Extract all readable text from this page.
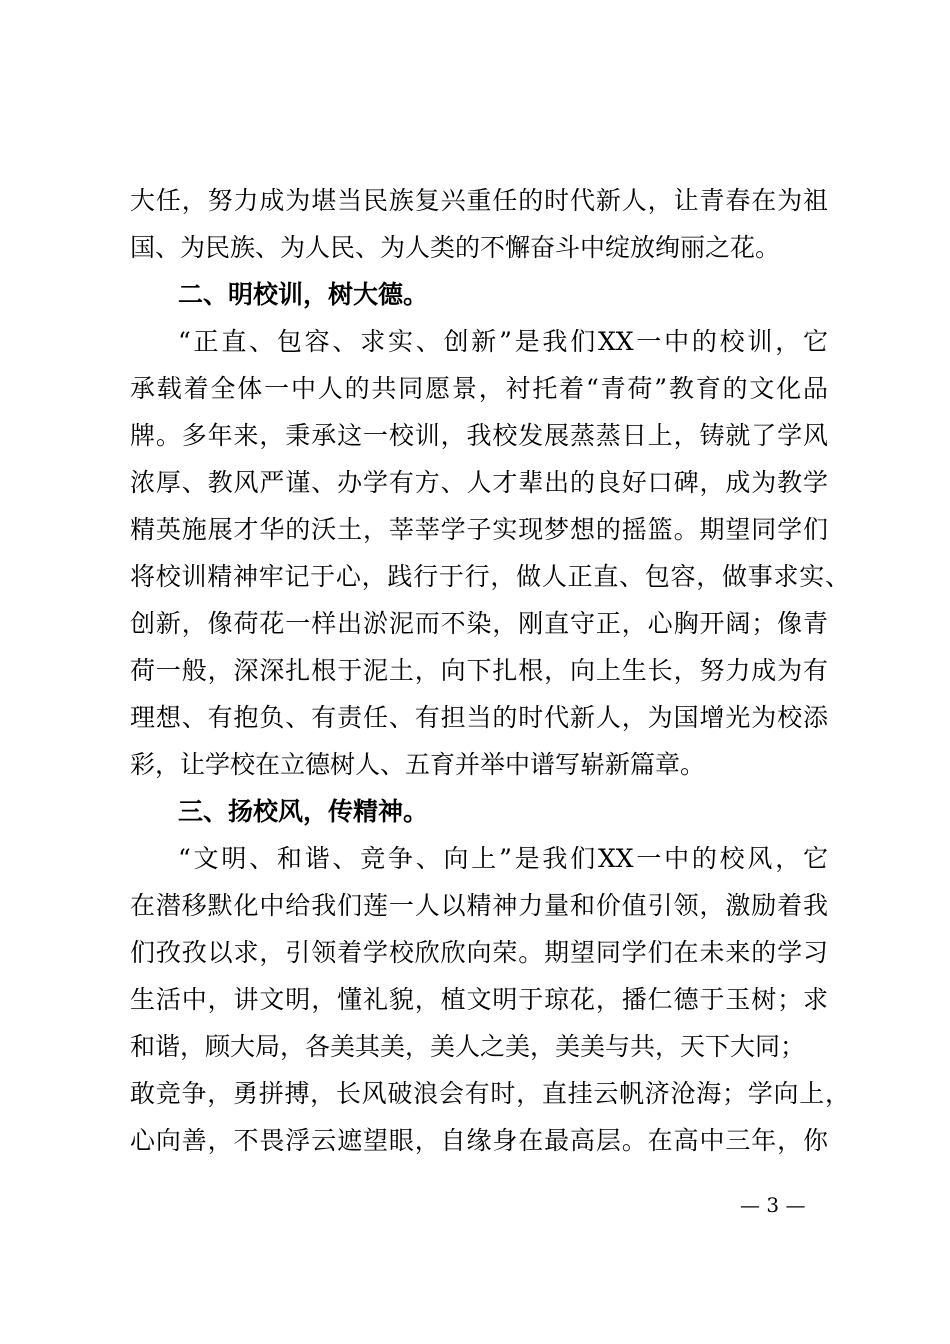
大任，努力成为堪当民族复兴重任的时代新人，让青春在为祖

国、为民族、为人民、为人类的不懈奋斗中绽放绚丽之花。

二、明校训，树大德。

“正直、包容、求实、创新”是我们XX一中的校训，它

承载着全体一中人的共同愿景，衬托着“青荷”教育的文化品

牌。多年来，秉承这一校训，我校发展蒸蒸日上，铸就了学风

浓厚、教风严谨、办学有方、人才辈出的良好口碑，成为教学

精英施展才华的沃土，莘莘学子实现梦想的摇篮。期望同学们

将校训精神牢记于心，践行于行，做人正直、包容，做事求实、

创新，像荷花一样出淤泥而不染，刚直守正，心胸开阔；像青

荷一般，深深扎根于泥土，向下扎根，向上生长，努力成为有

理想、有抱负、有责任、有担当的时代新人，为国增光为校添

彩，让学校在立德树人、五育并举中谱写崭新篇章。

三、扬校风，传精神。

“文明、和谐、竞争、向上”是我们XX一中的校风，它

在潜移默化中给我们莲一人以精神力量和价值引领，激励着我

们孜孜以求，引领着学校欣欣向荣。期望同学们在未来的学习

生活中，讲文明，懂礼貌，植文明于琼花，播仁德于玉树；求

和谐，顾大局，各美其美，美人之美，美美与共，天下大同；

敢竞争，勇拼搏，长风破浪会有时，直挂云帆济沧海；学向上，

心向善，不畏浮云遮望眼，自缘身在最高层。在高中三年，你

— 3 —
